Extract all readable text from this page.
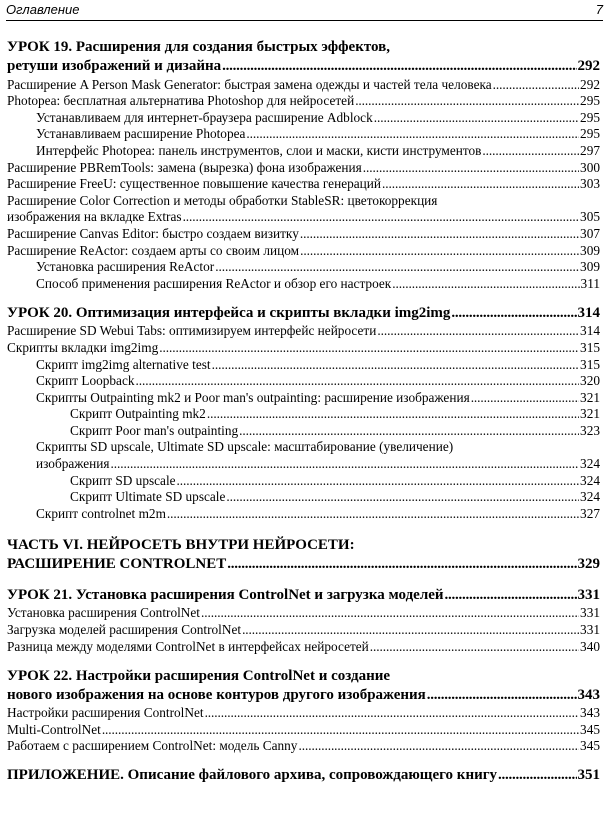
Оглавление	7
УРОК 19. Расширения для создания быстрых эффектов,
ретуши изображений и дизайна . . .	292
Расширение A Person Mask Generator: быстрая замена одежды и частей тела человека . . .	292
Photopea: бесплатная альтернатива Photoshop для нейросетей . . .	295
Устанавливаем для интернет-браузера расширение Adblock . . .	295
Устанавливаем расширение Photopea . . .	295
Интерфейс Photopea: панель инструментов, слои и маски, кисти инструментов . . .	297
Расширение PBRemTools: замена (вырезка) фона изображения . . .	300
Расширение FreeU: существенное повышение качества генераций . . .	303
Расширение Color Correction и методы обработки StableSR: цветокоррекция
изображения на вкладке Extras . . .	305
Расширение Canvas Editor: быстро создаем визитку . . .	307
Расширение ReActor: создаем арты со своим лицом . . .	309
Установка расширения ReActor . . .	309
Способ применения расширения ReActor и обзор его настроек . . .	311
УРОК 20. Оптимизация интерфейса и скрипты вкладки img2img . . .	314
Расширение SD Webui Tabs: оптимизируем интерфейс нейросети . . .	314
Скрипты вкладки img2img . . .	315
Скрипт img2img alternative test . . .	315
Скрипт Loopback . . .	320
Скрипты Outpainting mk2 и Poor man's outpainting: расширение изображения . . .	321
Скрипт Outpainting mk2 . . .	321
Скрипт Poor man's outpainting . . .	323
Скрипты SD upscale, Ultimate SD upscale: масштабирование (увеличение)
изображения . . .	324
Скрипт SD upscale . . .	324
Скрипт Ultimate SD upscale . . .	324
Скрипт controlnet m2m . . .	327
ЧАСТЬ VI. НЕЙРОСЕТЬ ВНУТРИ НЕЙРОСЕТИ:
РАСШИРЕНИЕ CONTROLNET . . .	329
УРОК 21. Установка расширения ControlNet и загрузка моделей . . .	331
Установка расширения ControlNet . . .	331
Загрузка моделей расширения ControlNet . . .	331
Разница между моделями ControlNet в интерфейсах нейросетей . . .	340
УРОК 22. Настройки расширения ControlNet и создание
нового изображения на основе контуров другого изображения . . .	343
Настройки расширения ControlNet . . .	343
Multi-ControlNet . . .	345
Работаем с расширением ControlNet: модель Canny . . .	345
ПРИЛОЖЕНИЕ. Описание файлового архива, сопровождающего книгу . . .	351
